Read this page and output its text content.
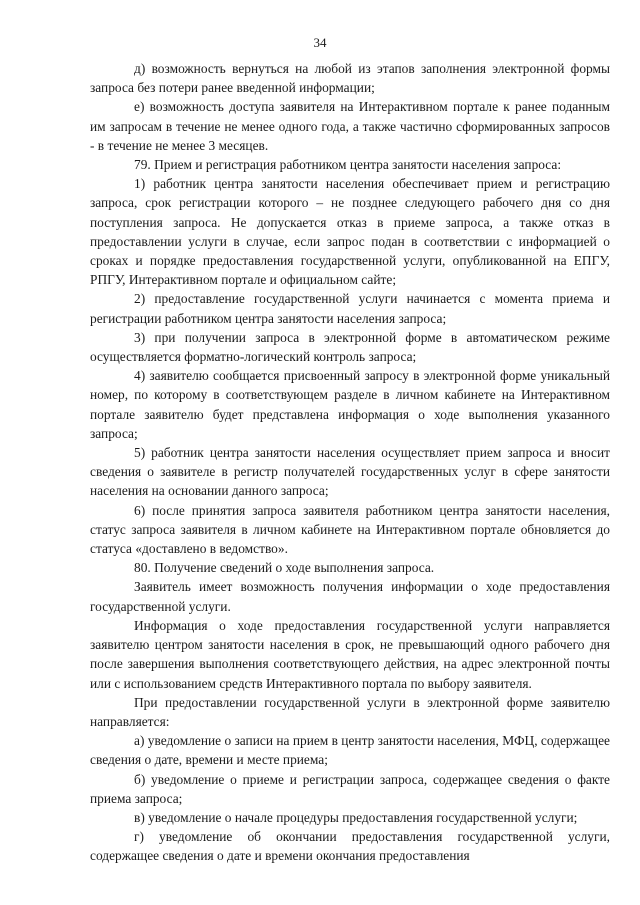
34

д) возможность вернуться на любой из этапов заполнения электронной формы запроса без потери ранее введенной информации;

е) возможность доступа заявителя на Интерактивном портале к ранее поданным им запросам в течение не менее одного года, а также частично сформированных запросов - в течение не менее 3 месяцев.

79. Прием и регистрация работником центра занятости населения запроса:

1) работник центра занятости населения обеспечивает прием и регистрацию запроса, срок регистрации которого – не позднее следующего рабочего дня со дня поступления запроса. Не допускается отказ в приеме запроса, а также отказ в предоставлении услуги в случае, если запрос подан в соответствии с информацией о сроках и порядке предоставления государственной услуги, опубликованной на ЕПГУ, РПГУ, Интерактивном портале и официальном сайте;

2) предоставление государственной услуги начинается с момента приема и регистрации работником центра занятости населения запроса;

3) при получении запроса в электронной форме в автоматическом режиме осуществляется форматно-логический контроль запроса;

4) заявителю сообщается присвоенный запросу в электронной форме уникальный номер, по которому в соответствующем разделе в личном кабинете на Интерактивном портале заявителю будет представлена информация о ходе выполнения указанного запроса;

5) работник центра занятости населения осуществляет прием запроса и вносит сведения о заявителе в регистр получателей государственных услуг в сфере занятости населения на основании данного запроса;

6) после принятия запроса заявителя работником центра занятости населения, статус запроса заявителя в личном кабинете на Интерактивном портале обновляется до статуса «доставлено в ведомство».

80. Получение сведений о ходе выполнения запроса.

Заявитель имеет возможность получения информации о ходе предоставления государственной услуги.

Информация о ходе предоставления государственной услуги направляется заявителю центром занятости населения в срок, не превышающий одного рабочего дня после завершения выполнения соответствующего действия, на адрес электронной почты или с использованием средств Интерактивного портала по выбору заявителя.

При предоставлении государственной услуги в электронной форме заявителю направляется:

а) уведомление о записи на прием в центр занятости населения, МФЦ, содержащее сведения о дате, времени и месте приема;

б) уведомление о приеме и регистрации запроса, содержащее сведения о факте приема запроса;

в) уведомление о начале процедуры предоставления государственной услуги;

г) уведомление об окончании предоставления государственной услуги, содержащее сведения о дате и времени окончания предоставления
